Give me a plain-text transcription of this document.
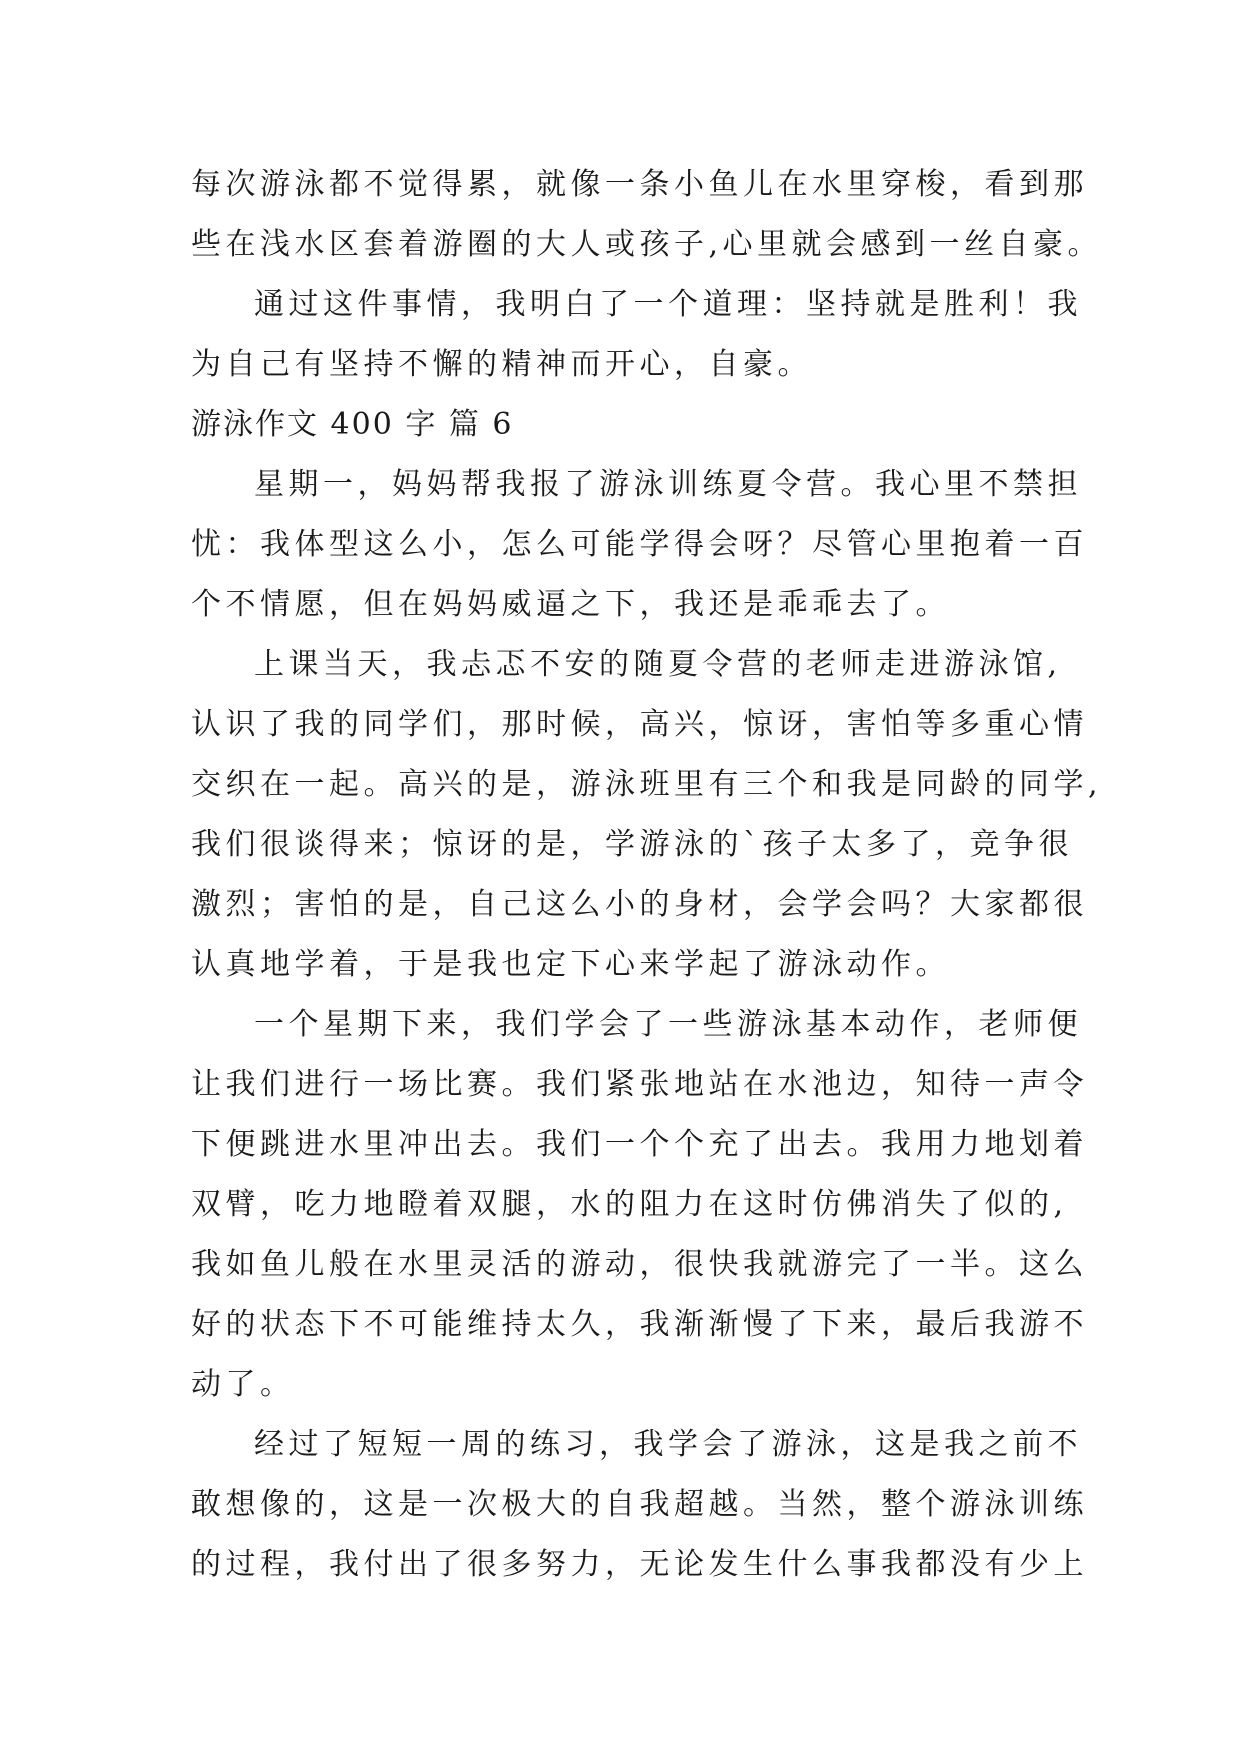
每次游泳都不觉得累，就像一条小鱼儿在水里穿梭，看到那
些在浅水区套着游圈的大人或孩子,心里就会感到一丝自豪。
通过这件事情，我明白了一个道理：坚持就是胜利！我
为自己有坚持不懈的精神而开心，自豪。
游泳作文 400 字 篇 6
星期一，妈妈帮我报了游泳训练夏令营。我心里不禁担
忧：我体型这么小，怎么可能学得会呀？尽管心里抱着一百
个不情愿，但在妈妈威逼之下，我还是乖乖去了。
上课当天，我忐忑不安的随夏令营的老师走进游泳馆,
认识了我的同学们，那时候，高兴，惊讶，害怕等多重心情
交织在一起。高兴的是，游泳班里有三个和我是同龄的同学,
我们很谈得来；惊讶的是，学游泳的`孩子太多了，竞争很
激烈；害怕的是，自己这么小的身材，会学会吗？大家都很
认真地学着，于是我也定下心来学起了游泳动作。
一个星期下来，我们学会了一些游泳基本动作，老师便
让我们进行一场比赛。我们紧张地站在水池边，知待一声令
下便跳进水里冲出去。我们一个个充了出去。我用力地划着
双臂，吃力地瞪着双腿，水的阻力在这时仿佛消失了似的,
我如鱼儿般在水里灵活的游动，很快我就游完了一半。这么
好的状态下不可能维持太久，我渐渐慢了下来，最后我游不
动了。
经过了短短一周的练习，我学会了游泳，这是我之前不
敢想像的，这是一次极大的自我超越。当然，整个游泳训练
的过程，我付出了很多努力，无论发生什么事我都没有少上
